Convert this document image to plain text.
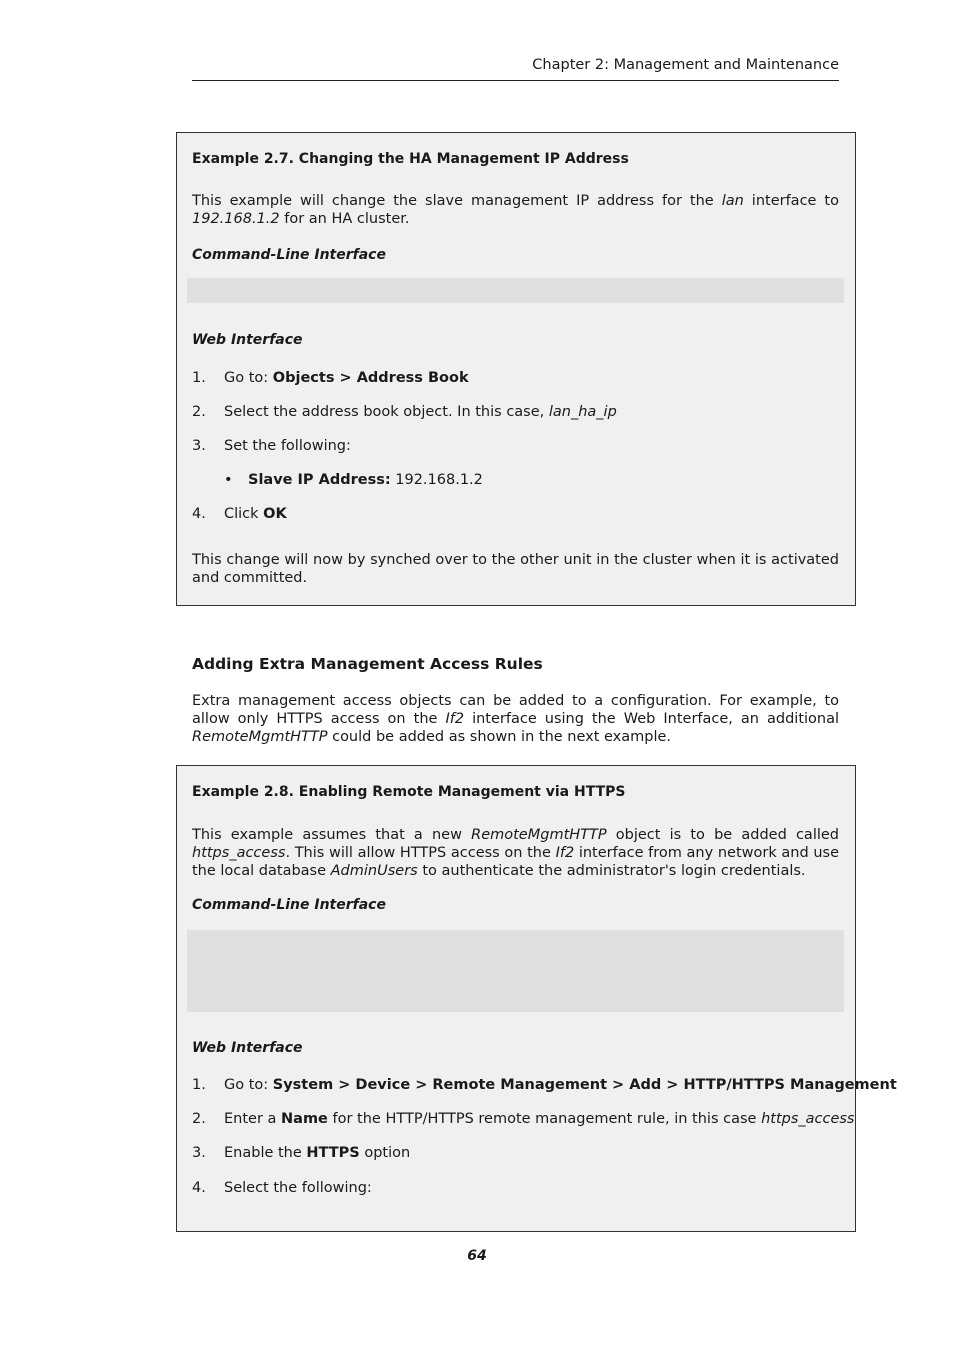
Chapter 2: Management and Maintenance
Example 2.7. Changing the HA Management IP Address
This example will change the slave management IP address for the lan interface to 192.168.1.2 for an HA cluster.
Command-Line Interface
Web Interface
1. Go to: Objects > Address Book
2. Select the address book object. In this case, lan_ha_ip
3. Set the following:
• Slave IP Address: 192.168.1.2
4. Click OK
This change will now by synched over to the other unit in the cluster when it is activated and committed.
Adding Extra Management Access Rules
Extra management access objects can be added to a configuration. For example, to allow only HTTPS access on the If2 interface using the Web Interface, an additional RemoteMgmtHTTP could be added as shown in the next example.
Example 2.8. Enabling Remote Management via HTTPS
This example assumes that a new RemoteMgmtHTTP object is to be added called https_access. This will allow HTTPS access on the If2 interface from any network and use the local database AdminUsers to authenticate the administrator's login credentials.
Command-Line Interface
Web Interface
1. Go to: System > Device > Remote Management > Add > HTTP/HTTPS Management
2. Enter a Name for the HTTP/HTTPS remote management rule, in this case https_access
3. Enable the HTTPS option
4. Select the following:
64
